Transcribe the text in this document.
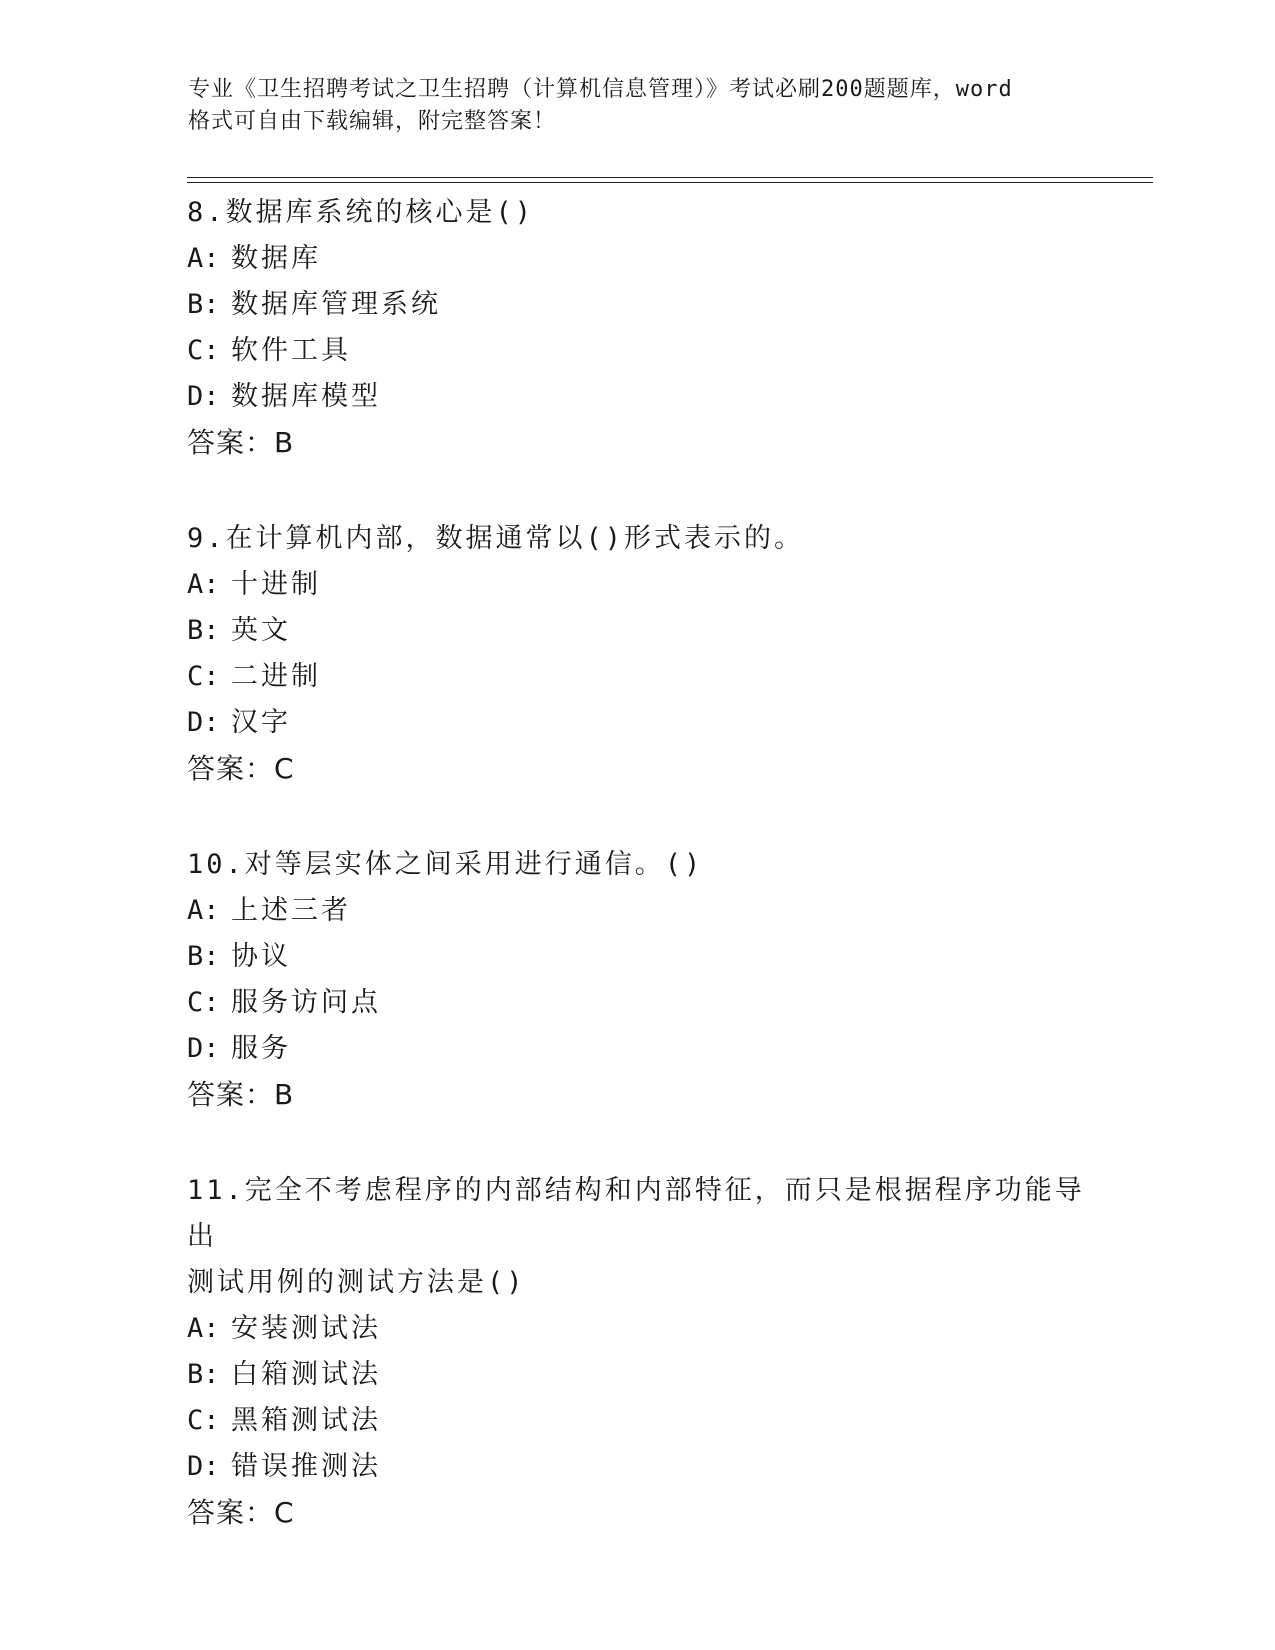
专业《卫生招聘考试之卫生招聘（计算机信息管理）》考试必刷200题题库，word
格式可自由下载编辑，附完整答案！
8.数据库系统的核心是()
A: 数据库
B: 数据库管理系统
C: 软件工具
D: 数据库模型
答案：B
9.在计算机内部，数据通常以()形式表示的。
A: 十进制
B: 英文
C: 二进制
D: 汉字
答案：C
10.对等层实体之间采用进行通信。()
A: 上述三者
B: 协议
C: 服务访问点
D: 服务
答案：B
11.完全不考虑程序的内部结构和内部特征，而只是根据程序功能导出
测试用例的测试方法是()
A: 安装测试法
B: 白箱测试法
C: 黑箱测试法
D: 错误推测法
答案：C
